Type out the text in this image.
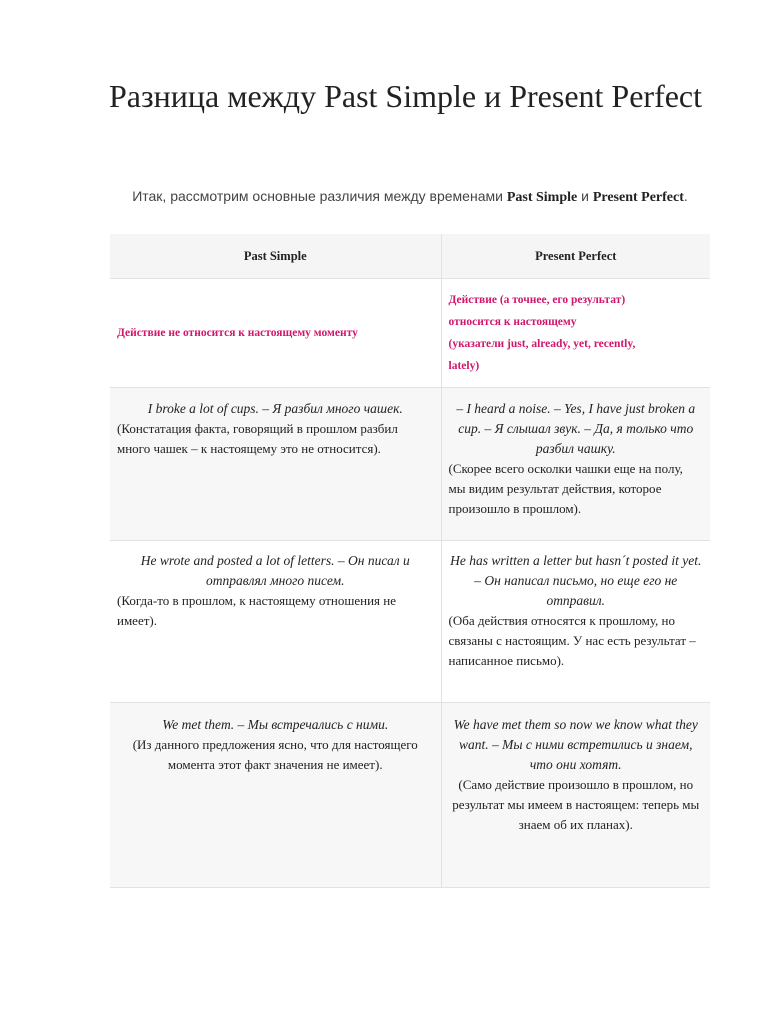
Разница между Past Simple и Present Perfect
Итак, рассмотрим основные различия между временами Past Simple и Present Perfect.
Past Simple	Present Perfect
Действие не относится к настоящему моменту	Действие (а точнее, его результат)
относится к настоящему
(указатели just, already, yet, recently,
lately)

I broke a lot of cups. – Я разбил много чашек.
(Констатация факта, говорящий в прошлом разбил много чашек – к настоящему это не относится).	– I heard a noise. – Yes, I have just broken a cup. – Я слышал звук. – Да, я только что разбил чашку.
(Скорее всего осколки чашки еще на полу, мы видим результат действия, которое произошло в прошлом).

He wrote and posted a lot of letters. – Он писал и отправлял много писем.
(Когда-то в прошлом, к настоящему отношения не имеет).	He has written a letter but hasn´t posted it yet. – Он написал письмо, но еще его не отправил.
(Оба действия относятся к прошлому, но связаны с настоящим. У нас есть результат – написанное письмо).

We met them. – Мы встречались с ними.
(Из данного предложения ясно, что для настоящего момента этот факт значения не имеет).	We have met them so now we know what they want. – Мы с ними встретились и знаем, что они хотят.
(Само действие произошло в прошлом, но результат мы имеем в настоящем: теперь мы знаем об их планах).
